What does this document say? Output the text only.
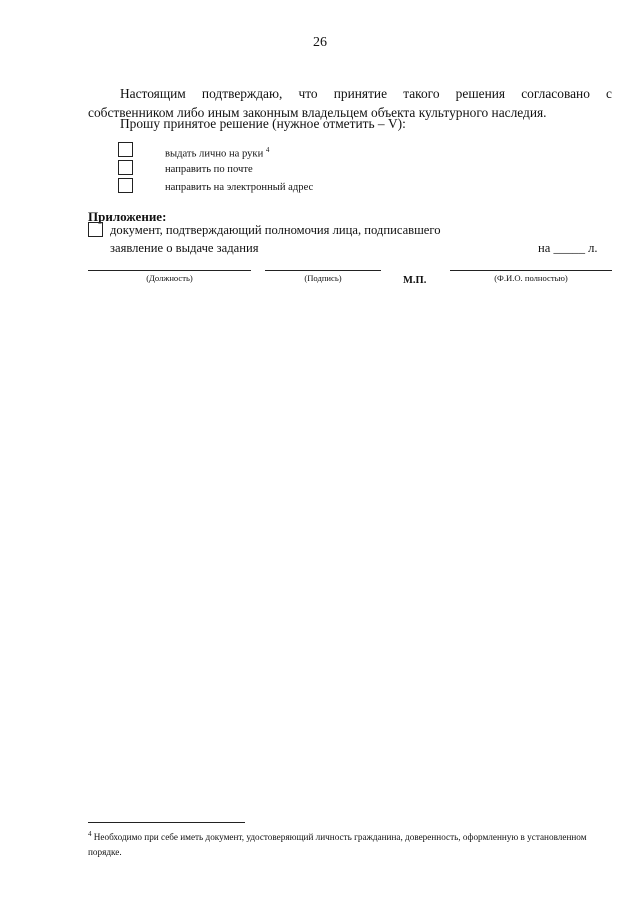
26
Настоящим подтверждаю, что принятие такого решения согласовано с
собственником либо иным законным владельцем объекта культурного наследия.
Прошу принятое решение (нужное отметить – V):
выдать лично на руки $^4$
направить по почте
направить на электронный адрес
Приложение:
документ, подтверждающий полномочия лица, подписавшего
заявление о выдаче задания	на _____ л.
(Должность)	(Подпись)	М.П.	(Ф.И.О. полностью)
$^4$ Необходимо при себе иметь документ, удостоверяющий личность гражданина, доверенность, оформленную в установленном порядке.
